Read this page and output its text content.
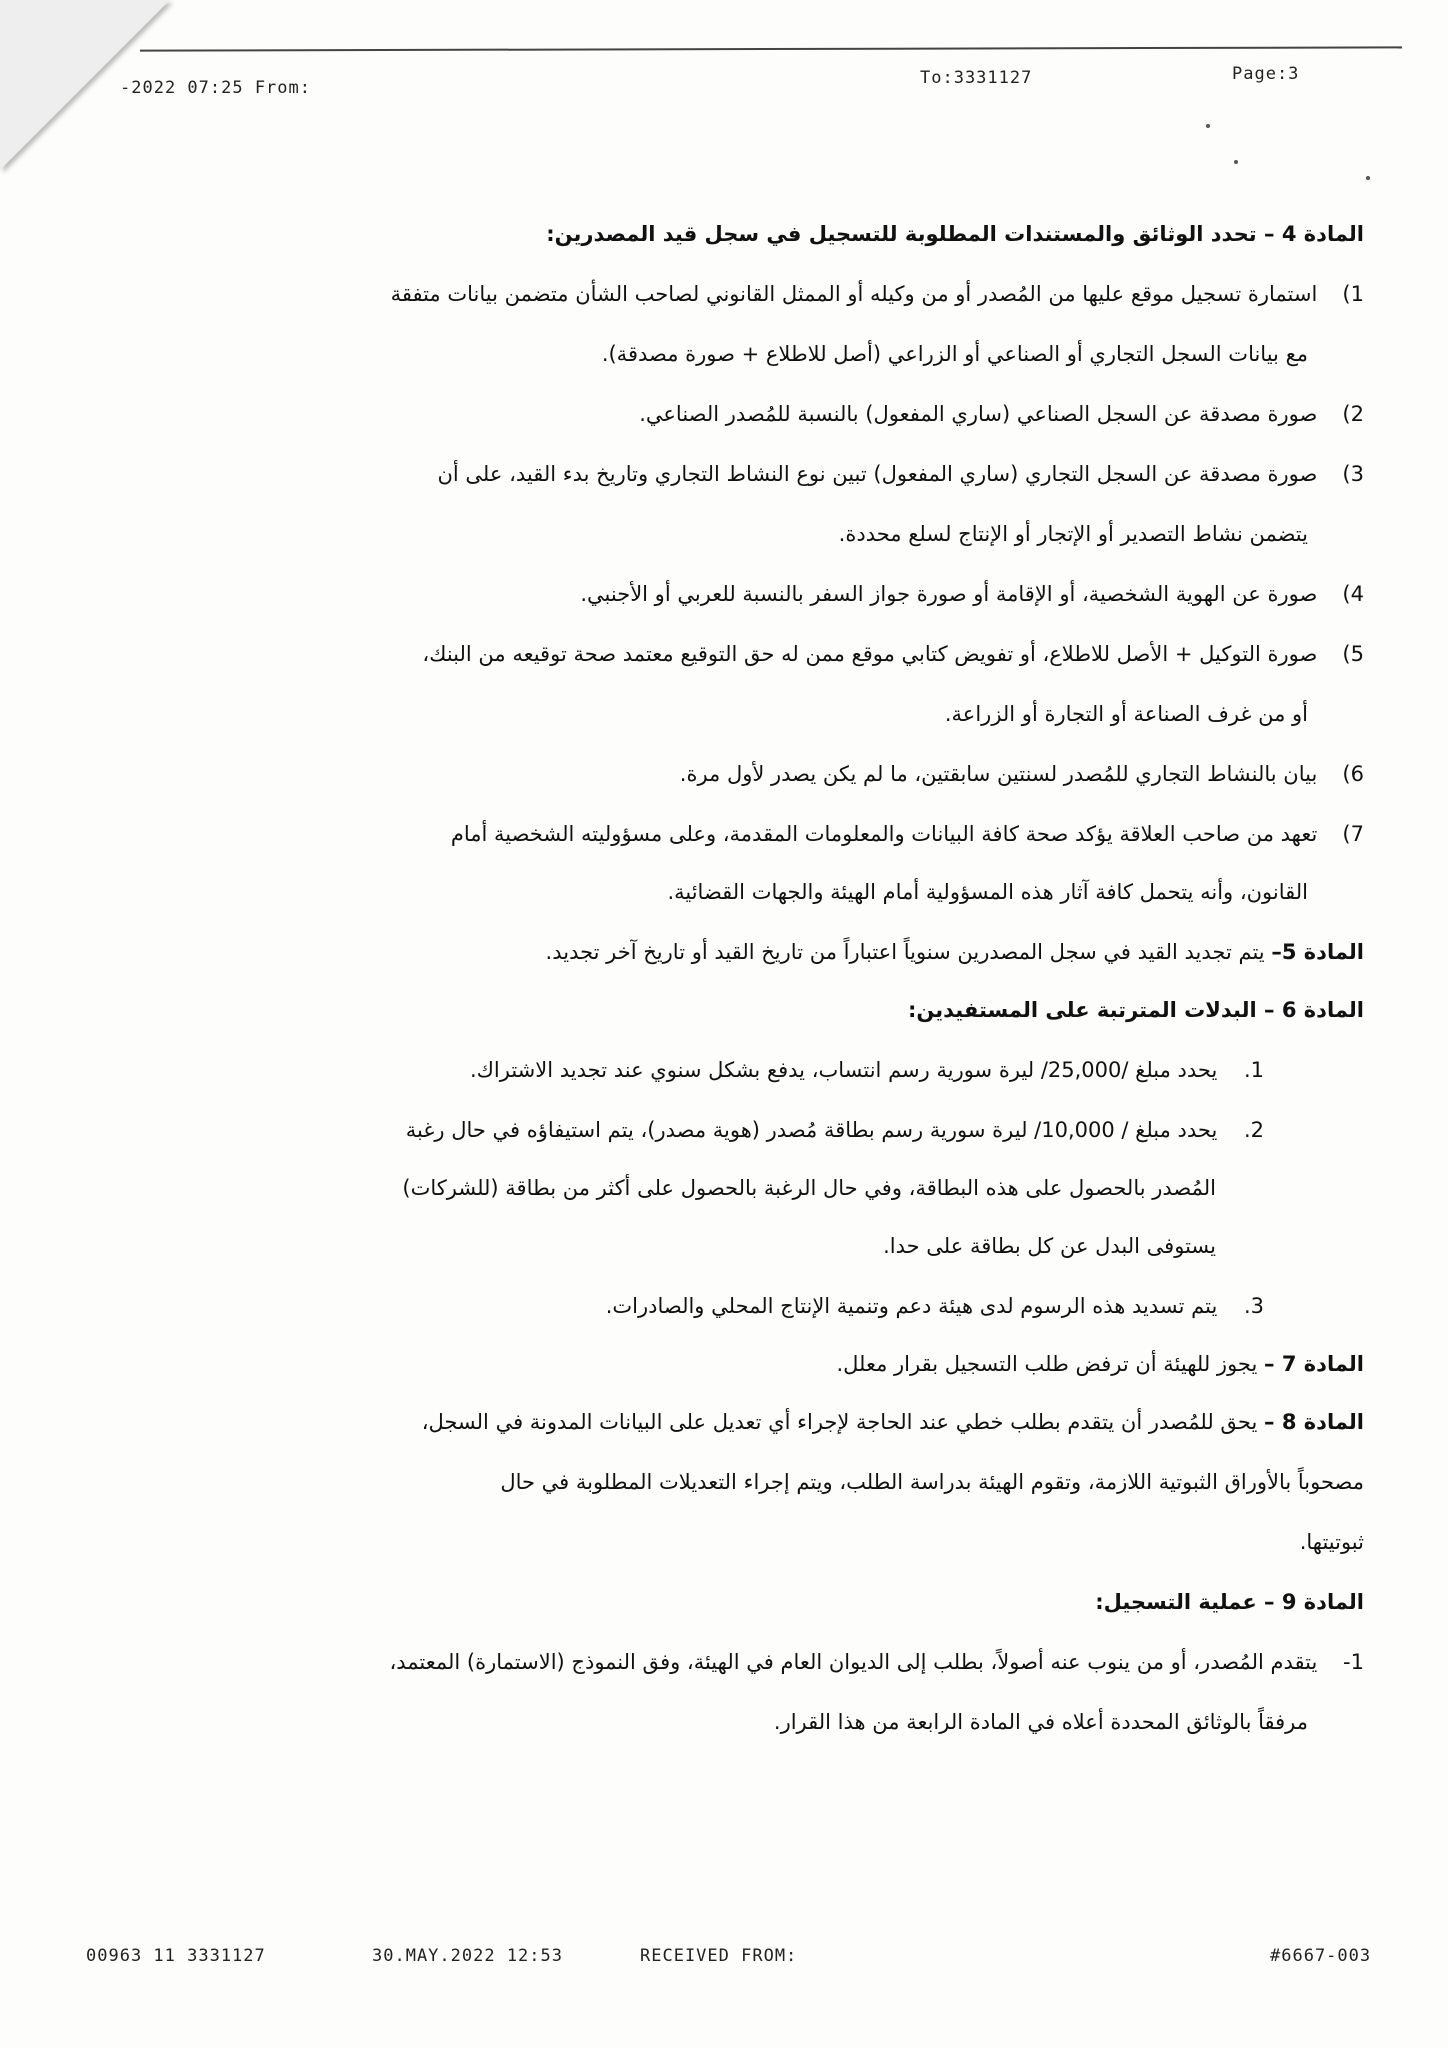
-2022 07:25 From:	To:3331127	Page:3
المادة 4 – تحدد الوثائق والمستندات المطلوبة للتسجيل في سجل قيد المصدرين:
1) استمارة تسجيل موقع عليها من المُصدر أو من وكيله أو الممثل القانوني لصاحب الشأن متضمن بيانات متفقة
مع بيانات السجل التجاري أو الصناعي أو الزراعي (أصل للاطلاع + صورة مصدقة).
2) صورة مصدقة عن السجل الصناعي (ساري المفعول) بالنسبة للمُصدر الصناعي.
3) صورة مصدقة عن السجل التجاري (ساري المفعول) تبين نوع النشاط التجاري وتاريخ بدء القيد، على أن
يتضمن نشاط التصدير أو الإتجار أو الإنتاج لسلع محددة.
4) صورة عن الهوية الشخصية، أو الإقامة أو صورة جواز السفر بالنسبة للعربي أو الأجنبي.
5) صورة التوكيل + الأصل للاطلاع، أو تفويض كتابي موقع ممن له حق التوقيع معتمد صحة توقيعه من البنك،
أو من غرف الصناعة أو التجارة أو الزراعة.
6) بيان بالنشاط التجاري للمُصدر لسنتين سابقتين، ما لم يكن يصدر لأول مرة.
7) تعهد من صاحب العلاقة يؤكد صحة كافة البيانات والمعلومات المقدمة، وعلى مسؤوليته الشخصية أمام
القانون، وأنه يتحمل كافة آثار هذه المسؤولية أمام الهيئة والجهات القضائية.
المادة 5– يتم تجديد القيد في سجل المصدرين سنوياً اعتباراً من تاريخ القيد أو تاريخ آخر تجديد.
المادة 6 – البدلات المترتبة على المستفيدين:
1. يحدد مبلغ /25,000/ ليرة سورية رسم انتساب، يدفع بشكل سنوي عند تجديد الاشتراك.
2. يحدد مبلغ / 10,000/ ليرة سورية رسم بطاقة مُصدر (هوية مصدر)، يتم استيفاؤه في حال رغبة
المُصدر بالحصول على هذه البطاقة، وفي حال الرغبة بالحصول على أكثر من بطاقة (للشركات)
يستوفى البدل عن كل بطاقة على حدا.
3. يتم تسديد هذه الرسوم لدى هيئة دعم وتنمية الإنتاج المحلي والصادرات.
المادة 7 – يجوز للهيئة أن ترفض طلب التسجيل بقرار معلل.
المادة 8 – يحق للمُصدر أن يتقدم بطلب خطي عند الحاجة لإجراء أي تعديل على البيانات المدونة في السجل،
مصحوباً بالأوراق الثبوتية اللازمة، وتقوم الهيئة بدراسة الطلب، ويتم إجراء التعديلات المطلوبة في حال
ثبوتيتها.
المادة 9 – عملية التسجيل:
1- يتقدم المُصدر، أو من ينوب عنه أصولاً، بطلب إلى الديوان العام في الهيئة، وفق النموذج (الاستمارة) المعتمد،
مرفقاً بالوثائق المحددة أعلاه في المادة الرابعة من هذا القرار.
00963 11 3331127	30.MAY.2022 12:53	RECEIVED FROM:	#6667-003
